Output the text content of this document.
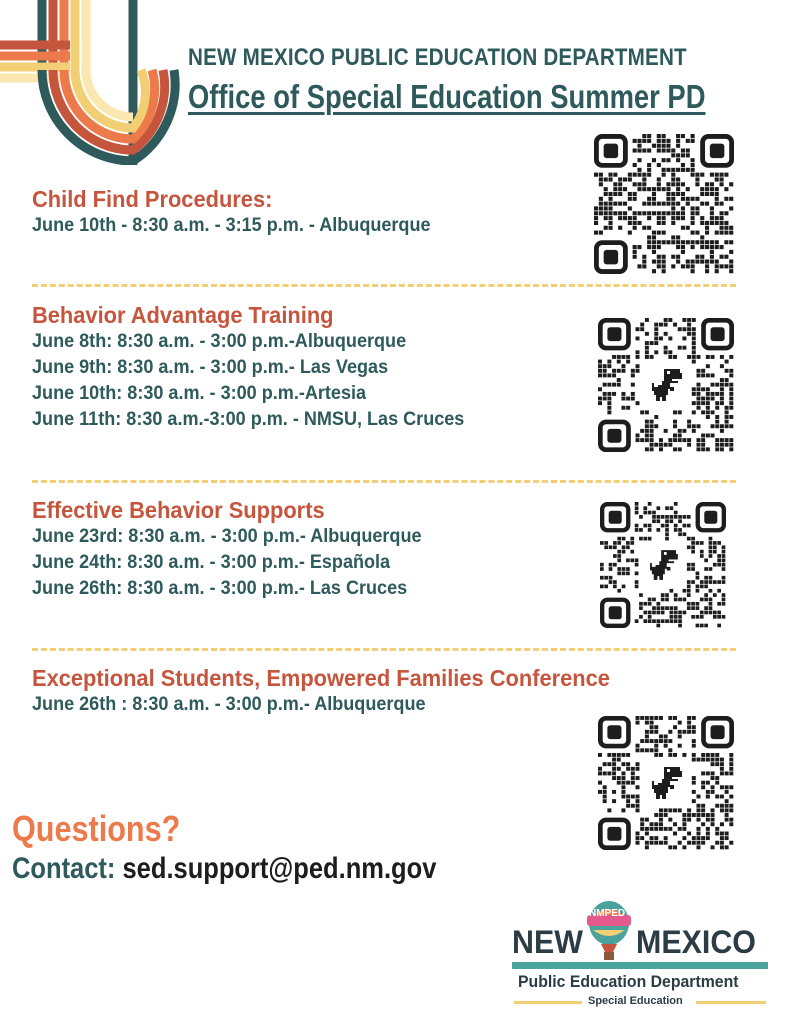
NEW MEXICO PUBLIC EDUCATION DEPARTMENT
Office of Special Education Summer PD
Child Find Procedures:
June 10th - 8:30 a.m. - 3:15 p.m. - Albuquerque
Behavior Advantage Training
June 8th: 8:30 a.m. - 3:00 p.m.-Albuquerque
June 9th: 8:30 a.m. - 3:00 p.m.- Las Vegas
June 10th: 8:30 a.m. - 3:00 p.m.-Artesia
June 11th: 8:30 a.m.-3:00 p.m. - NMSU, Las Cruces
Effective Behavior Supports
June 23rd: 8:30 a.m. - 3:00 p.m.- Albuquerque
June 24th: 8:30 a.m. - 3:00 p.m.- Española
June 26th: 8:30 a.m. - 3:00 p.m.- Las Cruces
Exceptional Students, Empowered Families Conference
June 26th : 8:30 a.m. - 3:00 p.m.- Albuquerque
Questions?
Contact: sed.support@ped.nm.gov
NMPED
NEW MEXICO
Public Education Department
Special Education
